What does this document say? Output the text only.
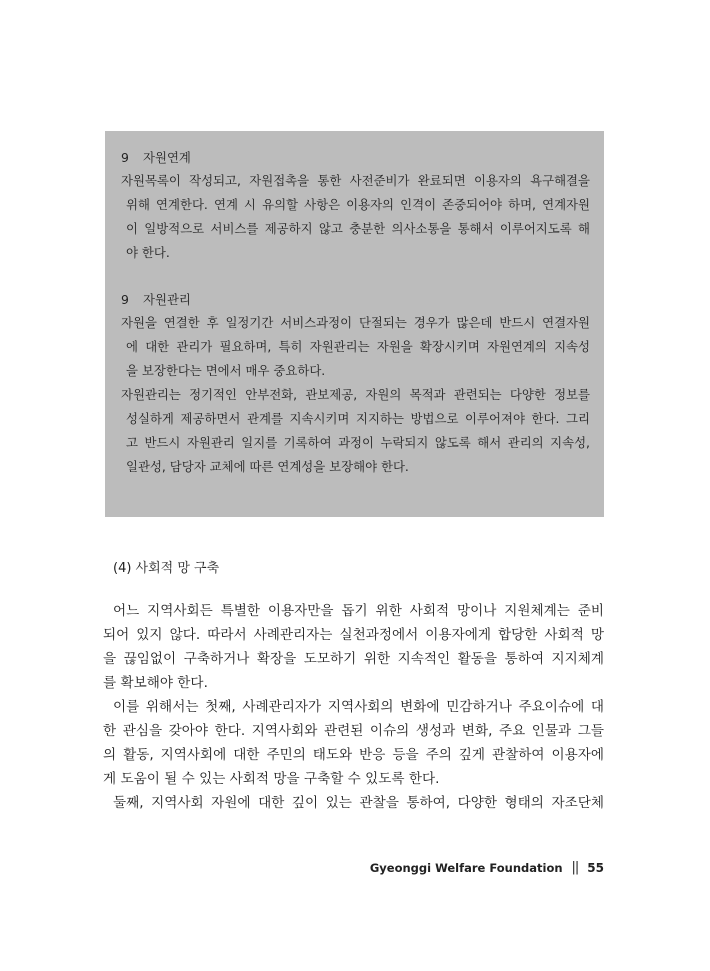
9 자원연계
자원목록이 작성되고, 자원접촉을 통한 사전준비가 완료되면 이용자의 욕구해결을
위해 연계한다. 연계 시 유의할 사항은 이용자의 인격이 존중되어야 하며, 연계자원
이 일방적으로 서비스를 제공하지 않고 충분한 의사소통을 통해서 이루어지도록 해
야 한다.
9 자원관리
자원을 연결한 후 일정기간 서비스과정이 단절되는 경우가 많은데 반드시 연결자원
에 대한 관리가 필요하며, 특히 자원관리는 자원을 확장시키며 자원연계의 지속성
을 보장한다는 면에서 매우 중요하다.
자원관리는 정기적인 안부전화, 관보제공, 자원의 목적과 관련되는 다양한 정보를
성실하게 제공하면서 관계를 지속시키며 지지하는 방법으로 이루어져야 한다. 그리
고 반드시 자원관리 일지를 기록하여 과정이 누락되지 않도록 해서 관리의 지속성,
일관성, 담당자 교체에 따른 연계성을 보장해야 한다.
(4) 사회적 망 구축
어느 지역사회든 특별한 이용자만을 돕기 위한 사회적 망이나 지원체계는 준비
되어 있지 않다. 따라서 사례관리자는 실천과정에서 이용자에게 합당한 사회적 망
을 끊임없이 구축하거나 확장을 도모하기 위한 지속적인 활동을 통하여 지지체계
를 확보해야 한다.
이를 위해서는 첫째, 사례관리자가 지역사회의 변화에 민감하거나 주요이슈에 대
한 관심을 갖아야 한다. 지역사회와 관련된 이슈의 생성과 변화, 주요 인물과 그들
의 활동, 지역사회에 대한 주민의 태도와 반응 등을 주의 깊게 관찰하여 이용자에
게 도움이 될 수 있는 사회적 망을 구축할 수 있도록 한다.
둘째, 지역사회 자원에 대한 깊이 있는 관찰을 통하여, 다양한 형태의 자조단체
Gyeonggi Welfare Foundation || 55
